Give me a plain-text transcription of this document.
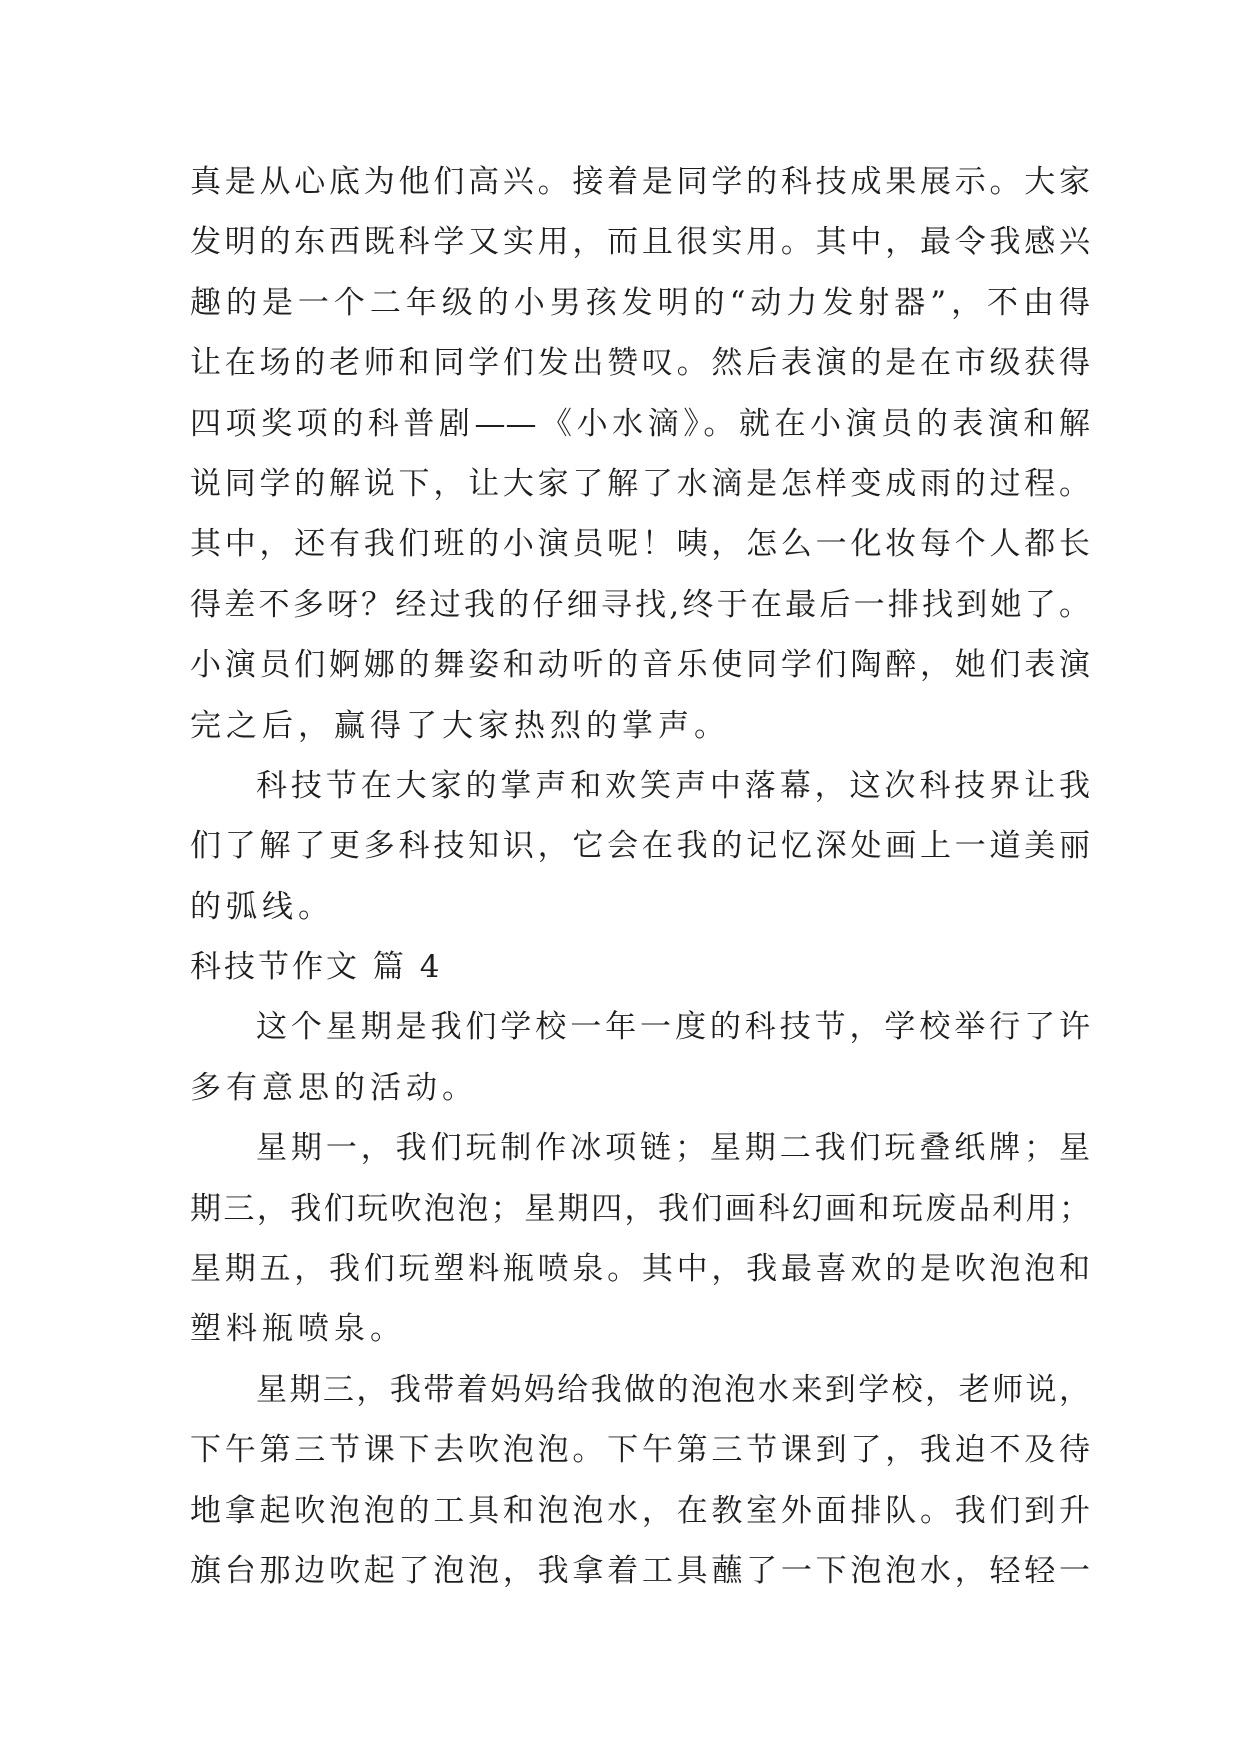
真是从心底为他们高兴。接着是同学的科技成果展示。大家
发明的东西既科学又实用，而且很实用。其中，最令我感兴
趣的是一个二年级的小男孩发明的“动力发射器”，不由得
让在场的老师和同学们发出赞叹。然后表演的是在市级获得
四项奖项的科普剧——《小水滴》。就在小演员的表演和解
说同学的解说下，让大家了解了水滴是怎样变成雨的过程。
其中，还有我们班的小演员呢！咦，怎么一化妆每个人都长
得差不多呀？经过我的仔细寻找,终于在最后一排找到她了。
小演员们婀娜的舞姿和动听的音乐使同学们陶醉，她们表演
完之后，赢得了大家热烈的掌声。
科技节在大家的掌声和欢笑声中落幕，这次科技界让我
们了解了更多科技知识，它会在我的记忆深处画上一道美丽
的弧线。
科技节作文 篇 4
这个星期是我们学校一年一度的科技节，学校举行了许
多有意思的活动。
星期一，我们玩制作冰项链；星期二我们玩叠纸牌；星
期三，我们玩吹泡泡；星期四，我们画科幻画和玩废品利用；
星期五，我们玩塑料瓶喷泉。其中，我最喜欢的是吹泡泡和
塑料瓶喷泉。
星期三，我带着妈妈给我做的泡泡水来到学校，老师说，
下午第三节课下去吹泡泡。下午第三节课到了，我迫不及待
地拿起吹泡泡的工具和泡泡水，在教室外面排队。我们到升
旗台那边吹起了泡泡，我拿着工具蘸了一下泡泡水，轻轻一
